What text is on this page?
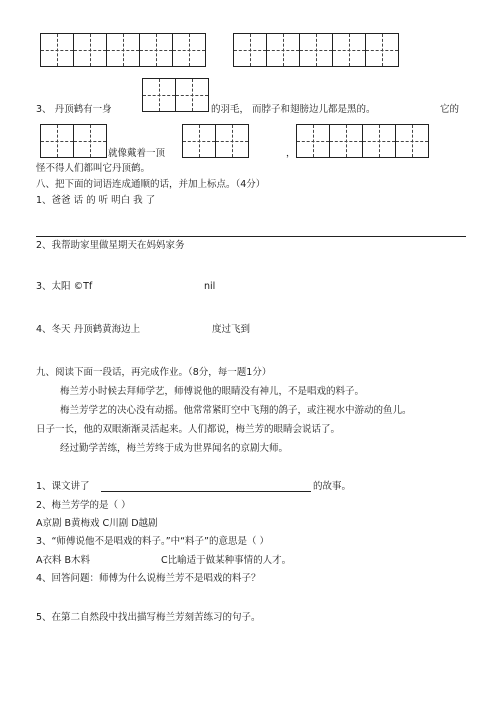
3、 丹顶鹤有一身	的羽毛， 而脖子和翅膀边儿都是黑的。	它的
就像戴着一顶	，
怪不得人们都叫它丹顶鹤。
八、把下面的词语连成通顺的话，并加上标点。（4分）
1、爸爸 话 的 听 明白 我 了
2、我帮助家里做星期天在妈妈家务
3、太阳 ©Tf	nil
4、冬天 丹顶鹤黄海边上	度过飞到
九、阅读下面一段话，再完成作业。（8分，每一题1分）
梅兰芳小时候去拜师学艺，师傅说他的眼睛没有神儿，不是唱戏的料子。
梅兰芳学艺的决心没有动摇。他常常紧盯空中飞翔的鸽子，或注视水中游动的鱼儿。
日子一长，他的双眼渐渐灵活起来。人们都说，梅兰芳的眼睛会说话了。
经过勤学苦练，梅兰芳终于成为世界闻名的京剧大师。
1、课文讲了	的故事。
2、梅兰芳学的是（ ）
A京剧 B黄梅戏 C川剧 D越剧
3、“师傅说他不是唱戏的料子。”中“料子”的意思是（ ）
A衣料 B木料	C比喻适于做某种事情的人才。
4、回答问题：师傅为什么说梅兰芳不是唱戏的料子？
5、在第二自然段中找出描写梅兰芳刻苦练习的句子。
